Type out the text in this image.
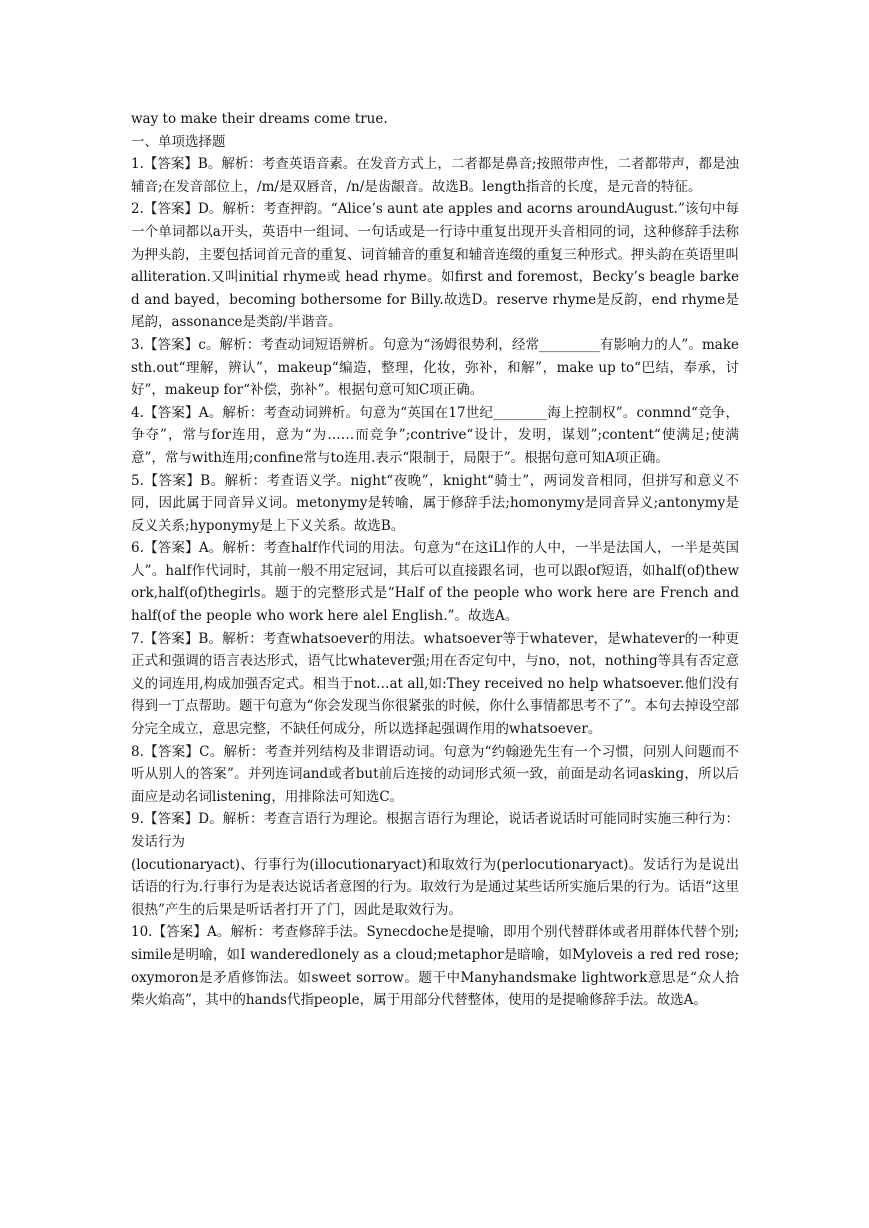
way to make their dreams come true.

一、单项选择题

1.【答案】B。解析：考查英语音素。在发音方式上，二者都是鼻音;按照带声性，二者都带声，都是浊辅音;在发音部位上，/m/是双唇音，/n/是齿龈音。故选B。length指音的长度，是元音的特征。

2.【答案】D。解析：考查押韵。“Alice’s aunt ate apples and acorns aroundAugust.”该句中每一个单词都以a开头，英语中一组词、一句话或是一行诗中重复出现开头音相同的词，这种修辞手法称为押头韵，主要包括词首元音的重复、词首辅音的重复和辅音连缀的重复三种形式。押头韵在英语里叫alliteration.又叫initial rhyme或 head rhyme。如first and foremost，Becky’s beagle barked and bayed，becoming bothersome for Billy.故选D。reserve rhyme是反韵，end rhyme是尾韵，assonance是类韵/半谐音。

3.【答案】c。解析：考查动词短语辨析。句意为“汤姆很势利，经常_________有影响力的人”。make sth.out“理解，辨认”，makeup“编造，整理，化妆，弥补，和解”，make up to“巴结，奉承，讨好”，makeup for“补偿，弥补”。根据句意可知C项正确。

4.【答案】A。解析：考查动词辨析。句意为“英国在17世纪________海上控制权”。conmnd“竞争，争夺”，常与for连用，意为“为……而竞争”;contrive“设计，发明，谋划”;content“使满足;使满意”，常与with连用;confine常与to连用.表示“限制于，局限于”。根据句意可知A项正确。

5.【答案】B。解析：考查语义学。night“夜晚”，knight“骑士”，两词发音相同，但拼写和意义不同，因此属于同音异义词。metonymy是转喻，属于修辞手法;homonymy是同音异义;antonymy是反义关系;hyponymy是上下义关系。故选B。

6.【答案】A。解析：考查half作代词的用法。句意为“在这iLl作的人中，一半是法国人，一半是英国人”。half作代词时，其前一般不用定冠词，其后可以直接跟名词，也可以跟of短语，如half(of)thework,half(of)thegirls。题于的完整形式是“Half of the people who work here are French and half(of the people who work here alel English.”。故选A。

7.【答案】B。解析：考查whatsoever的用法。whatsoever等于whatever，是whatever的一种更正式和强调的语言表达形式，语气比whatever强;用在否定句中，与no，not，nothing等具有否定意义的词连用,构成加强否定式。相当于not…at all,如:They received no help whatsoever.他们没有得到一丁点帮助。题干句意为“你会发现当你很紧张的时候，你什么事情都思考不了”。本句去掉设空部分完全成立，意思完整，不缺任何成分，所以选择起强调作用的whatsoever。

8.【答案】C。解析：考查并列结构及非谓语动词。句意为“约翰逊先生有一个习惯，问别人问题而不听从别人的答案”。并列连词and或者but前后连接的动词形式须一致，前面是动名词asking，所以后面应是动名词listening，用排除法可知选C。

9.【答案】D。解析：考查言语行为理论。根据言语行为理论，说话者说话时可能同时实施三种行为：发话行为

(locutionaryact)、行事行为(illocutionaryact)和取效行为(perlocutionaryact)。发话行为是说出话语的行为.行事行为是表达说话者意图的行为。取效行为是通过某些话所实施后果的行为。话语“这里很热”产生的后果是听话者打开了门，因此是取效行为。

10.【答案】A。解析：考查修辞手法。Synecdoche是提喻，即用个别代替群体或者用群体代替个别;simile是明喻，如I wanderedlonely as a cloud;metaphor是暗喻，如Myloveis a red red rose;oxymoron是矛盾修饰法。如sweet sorrow。题干中Manyhandsmake lightwork意思是“众人拾柴火焰高”，其中的hands代指people，属于用部分代替整体，使用的是提喻修辞手法。故选A。
